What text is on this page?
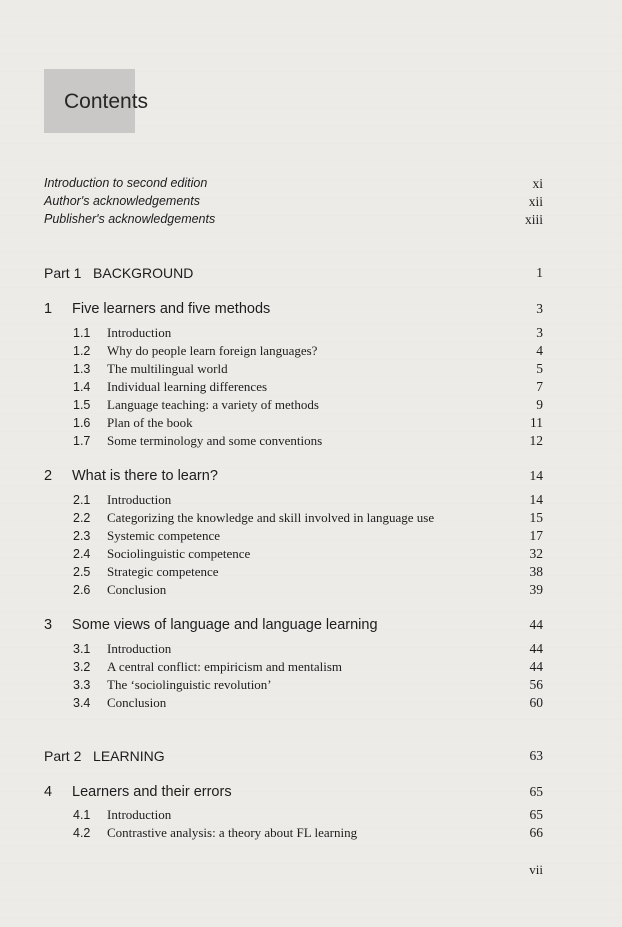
Contents
Introduction to second edition	xi
Author's acknowledgements	xii
Publisher's acknowledgements	xiii
Part 1 BACKGROUND	1
1 Five learners and five methods	3
1.1 Introduction	3
1.2 Why do people learn foreign languages?	4
1.3 The multilingual world	5
1.4 Individual learning differences	7
1.5 Language teaching: a variety of methods	9
1.6 Plan of the book	11
1.7 Some terminology and some conventions	12
2 What is there to learn?	14
2.1 Introduction	14
2.2 Categorizing the knowledge and skill involved in language use	15
2.3 Systemic competence	17
2.4 Sociolinguistic competence	32
2.5 Strategic competence	38
2.6 Conclusion	39
3 Some views of language and language learning	44
3.1 Introduction	44
3.2 A central conflict: empiricism and mentalism	44
3.3 The ‘sociolinguistic revolution’	56
3.4 Conclusion	60
Part 2 LEARNING	63
4 Learners and their errors	65
4.1 Introduction	65
4.2 Contrastive analysis: a theory about FL learning	66
vii
